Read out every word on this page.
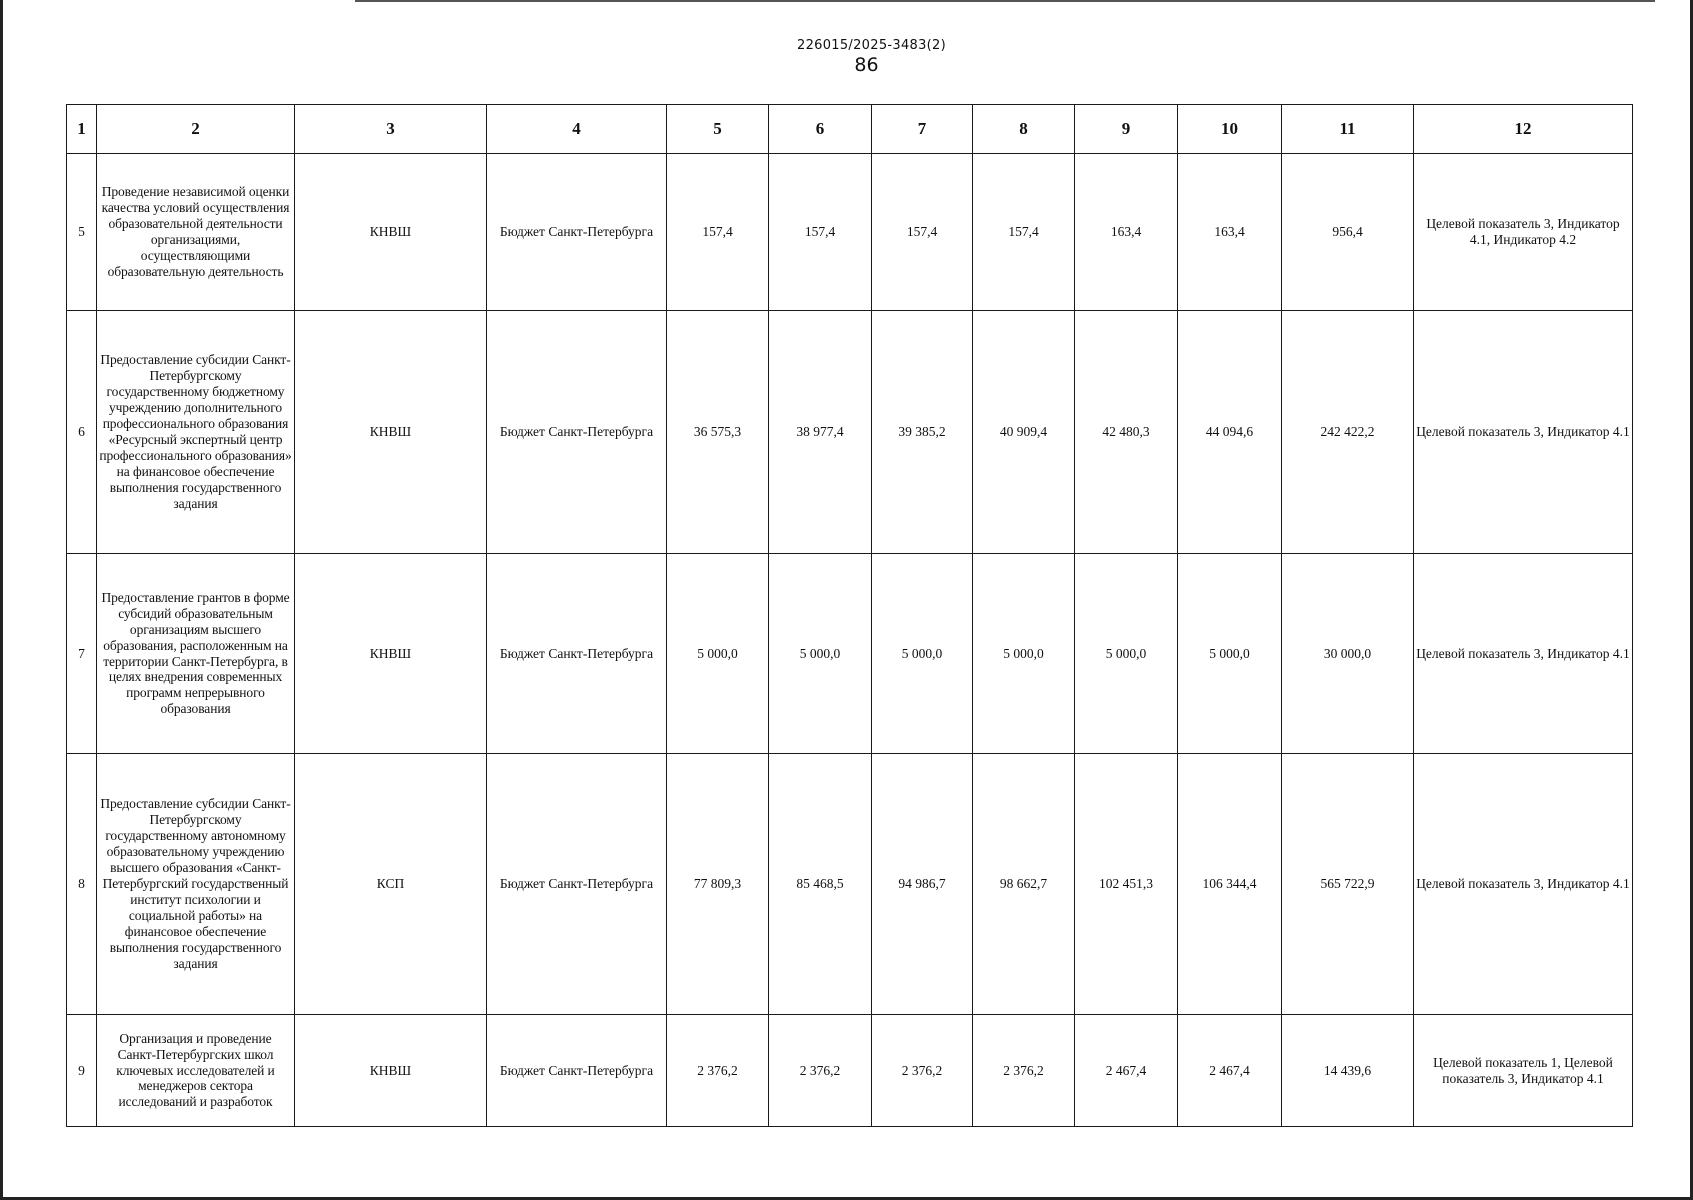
226015/2025-3483(2)
86
1	2	3	4	5	6	7	8	9	10	11	12
5	Проведение независимой оценки качества условий осуществления образовательной деятельности организациями, осуществляющими образовательную деятельность	КНВШ	Бюджет Санкт-Петербурга	157,4	157,4	157,4	157,4	163,4	163,4	956,4	Целевой показатель 3, Индикатор 4.1, Индикатор 4.2
6	Предоставление субсидии Санкт-Петербургскому государственному бюджетному учреждению дополнительного профессионального образования «Ресурсный экспертный центр профессионального образования» на финансовое обеспечение выполнения государственного задания	КНВШ	Бюджет Санкт-Петербурга	36 575,3	38 977,4	39 385,2	40 909,4	42 480,3	44 094,6	242 422,2	Целевой показатель 3, Индикатор 4.1
7	Предоставление грантов в форме субсидий образовательным организациям высшего образования, расположенным на территории Санкт-Петербурга, в целях внедрения современных программ непрерывного образования	КНВШ	Бюджет Санкт-Петербурга	5 000,0	5 000,0	5 000,0	5 000,0	5 000,0	5 000,0	30 000,0	Целевой показатель 3, Индикатор 4.1
8	Предоставление субсидии Санкт-Петербургскому государственному автономному образовательному учреждению высшего образования «Санкт-Петербургский государственный институт психологии и социальной работы» на финансовое обеспечение выполнения государственного задания	КСП	Бюджет Санкт-Петербурга	77 809,3	85 468,5	94 986,7	98 662,7	102 451,3	106 344,4	565 722,9	Целевой показатель 3, Индикатор 4.1
9	Организация и проведение Санкт-Петербургских школ ключевых исследователей и менеджеров сектора исследований и разработок	КНВШ	Бюджет Санкт-Петербурга	2 376,2	2 376,2	2 376,2	2 376,2	2 467,4	2 467,4	14 439,6	Целевой показатель 1, Целевой показатель 3, Индикатор 4.1
